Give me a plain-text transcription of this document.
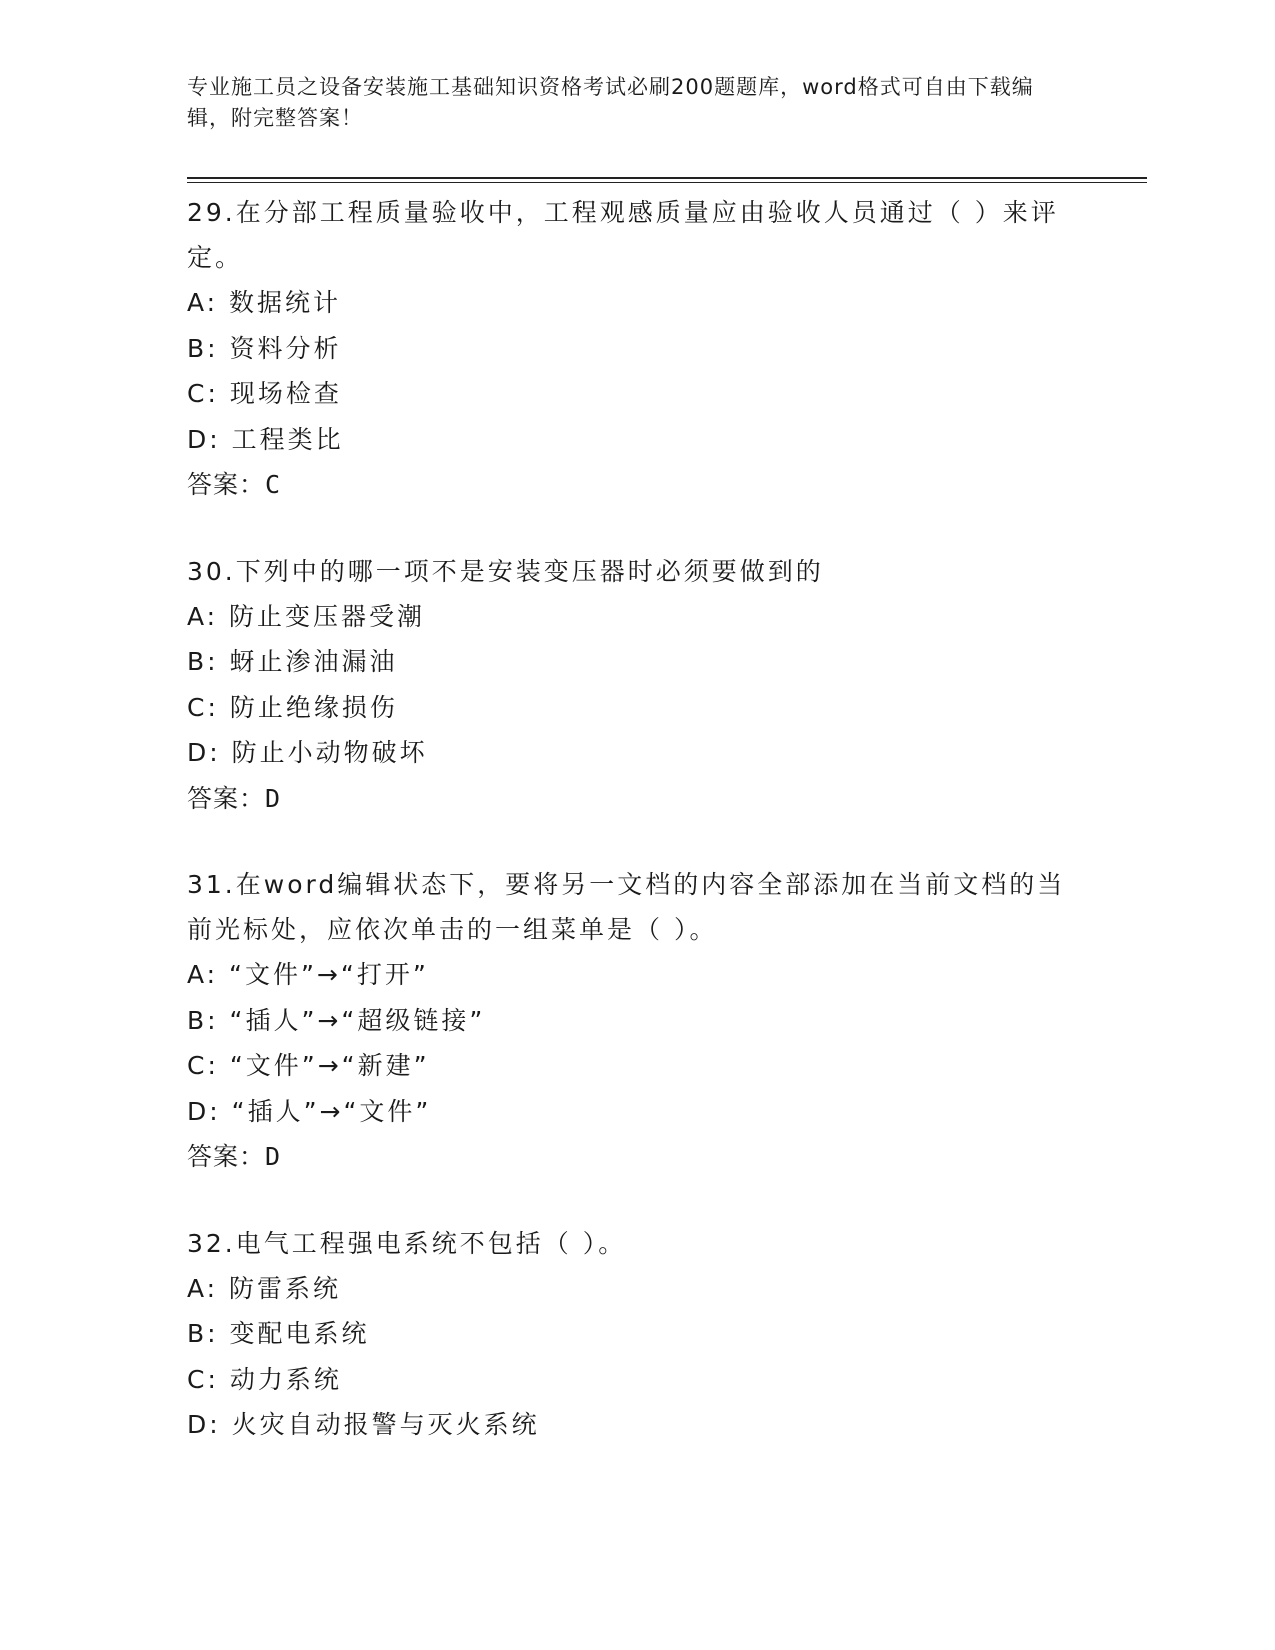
专业施工员之设备安装施工基础知识资格考试必刷200题题库，word格式可自由下载编辑，附完整答案！
29.在分部工程质量验收中，工程观感质量应由验收人员通过（ ）来评定。
A: 数据统计
B: 资料分析
C: 现场检查
D: 工程类比
答案：C
30.下列中的哪一项不是安装变压器时必须要做到的
A: 防止变压器受潮
B: 蚜止渗油漏油
C: 防止绝缘损伤
D: 防止小动物破坏
答案：D
31.在word编辑状态下，要将另一文档的内容全部添加在当前文档的当前光标处，应依次单击的一组菜单是（ ）。
A: “文件”→“打开”
B: “插人”→“超级链接”
C: “文件”→“新建”
D: “插人”→“文件”
答案：D
32.电气工程强电系统不包括（ ）。
A: 防雷系统
B: 变配电系统
C: 动力系统
D: 火灾自动报警与灭火系统
